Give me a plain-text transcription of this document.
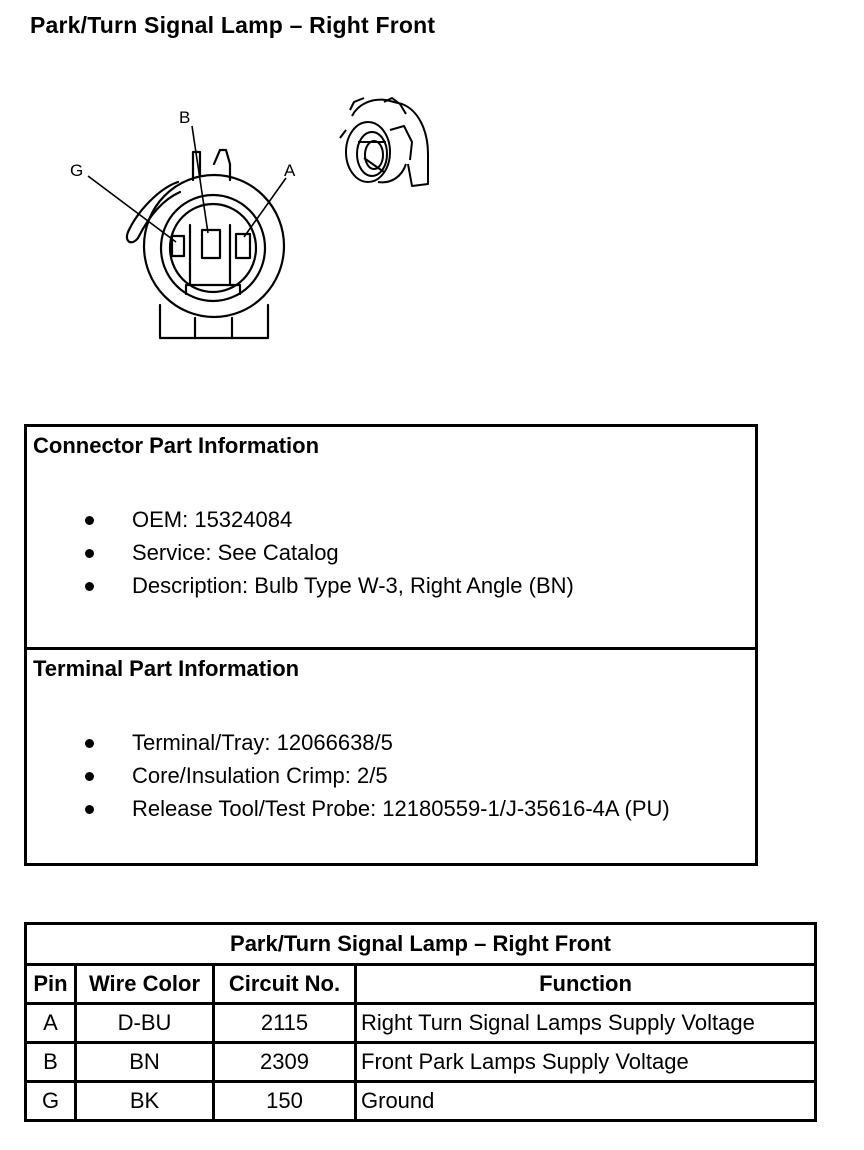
Park/Turn Signal Lamp – Right Front
B
G	A
Connector Part Information
OEM: 15324084
Service: See Catalog
Description: Bulb Type W-3, Right Angle (BN)
Terminal Part Information
Terminal/Tray: 12066638/5
Core/Insulation Crimp: 2/5
Release Tool/Test Probe: 12180559-1/J-35616-4A (PU)
Park/Turn Signal Lamp – Right Front			
Pin	Wire Color	Circuit No.	Function
A	D-BU	2115	Right Turn Signal Lamps Supply Voltage
B	BN	2309	Front Park Lamps Supply Voltage
G	BK	150	Ground
